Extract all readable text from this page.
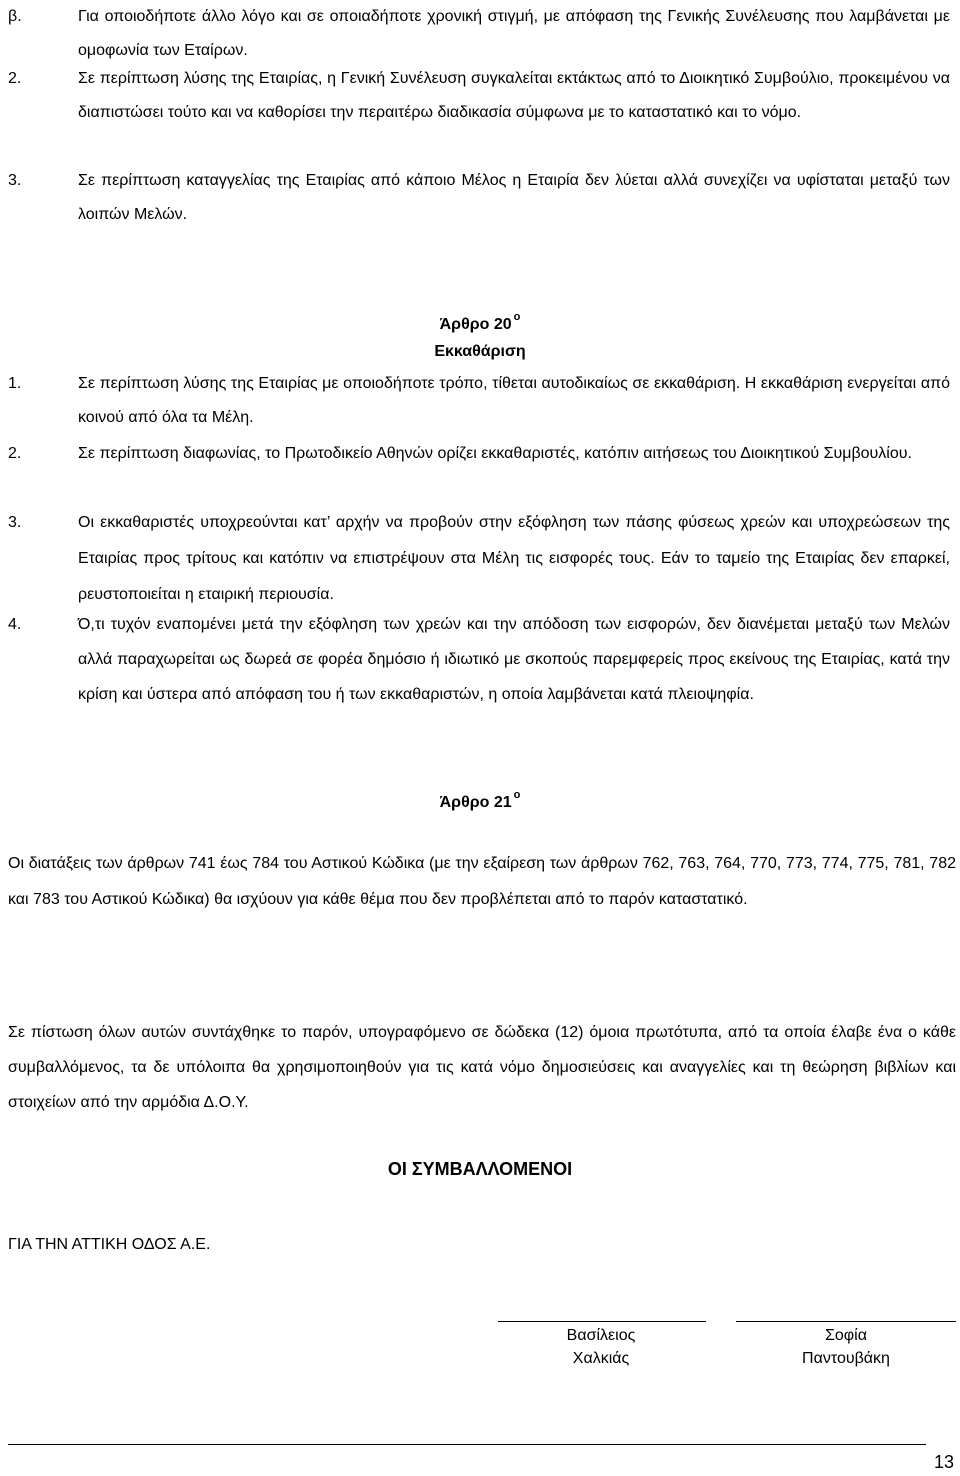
β.	Για οποιοδήποτε άλλο λόγο και σε οποιαδήποτε χρονική στιγμή, με απόφαση της Γενικής Συνέλευσης που λαμβάνεται με ομοφωνία των Εταίρων.
2.	Σε περίπτωση λύσης της Εταιρίας, η Γενική Συνέλευση συγκαλείται εκτάκτως από το Διοικητικό Συμβούλιο, προκειμένου να διαπιστώσει τούτο και να καθορίσει την περαιτέρω διαδικασία σύμφωνα με το καταστατικό και το νόμο.
3.	Σε περίπτωση καταγγελίας της Εταιρίας από κάποιο Μέλος η Εταιρία δεν λύεται αλλά συνεχίζει να υφίσταται μεταξύ των λοιπών Μελών.
Άρθρο 20 $^o$
Εκκαθάριση
1.	Σε περίπτωση λύσης της Εταιρίας με οποιοδήποτε τρόπο, τίθεται αυτοδικαίως σε εκκαθάριση. Η εκκαθάριση ενεργείται από κοινού από όλα τα Μέλη.
2.	Σε περίπτωση διαφωνίας, το Πρωτοδικείο Αθηνών ορίζει εκκαθαριστές, κατόπιν αιτήσεως του Διοικητικού Συμβουλίου.
3.	Οι εκκαθαριστές υποχρεούνται κατ’ αρχήν να προβούν στην εξόφληση των πάσης φύσεως χρεών και υποχρεώσεων της Εταιρίας προς τρίτους και κατόπιν να επιστρέψουν στα Μέλη τις εισφορές τους. Εάν το ταμείο της Εταιρίας δεν επαρκεί, ρευστοποιείται η εταιρική περιουσία.
4.	Ό,τι τυχόν εναπομένει μετά την εξόφληση των χρεών και την απόδοση των εισφορών, δεν διανέμεται μεταξύ των Μελών αλλά παραχωρείται ως δωρεά σε φορέα δημόσιο ή ιδιωτικό με σκοπούς παρεμφερείς προς εκείνους της Εταιρίας, κατά την κρίση και ύστερα από απόφαση του ή των εκκαθαριστών, η οποία λαμβάνεται κατά πλειοψηφία.
Άρθρο 21 $^o$
Οι διατάξεις των άρθρων 741 έως 784 του Αστικού Κώδικα (με την εξαίρεση των άρθρων 762, 763, 764, 770, 773, 774, 775, 781, 782 και 783 του Αστικού Κώδικα) θα ισχύουν για κάθε θέμα που δεν προβλέπεται από το παρόν καταστατικό.
Σε πίστωση όλων αυτών συντάχθηκε το παρόν, υπογραφόμενο σε δώδεκα (12) όμοια πρωτότυπα, από τα οποία έλαβε ένα ο κάθε συμβαλλόμενος, τα δε υπόλοιπα θα χρησιμοποιηθούν για τις κατά νόμο δημοσιεύσεις και αναγγελίες και τη θεώρηση βιβλίων και στοιχείων από την αρμόδια Δ.Ο.Υ.
ΟΙ ΣΥΜΒΑΛΛΟΜΕΝΟΙ
ΓΙΑ ΤΗΝ ΑΤΤΙΚΗ ΟΔΟΣ Α.Ε.
Βασίλειος
Χαλκιάς
Σοφία
Παντουβάκη
13
